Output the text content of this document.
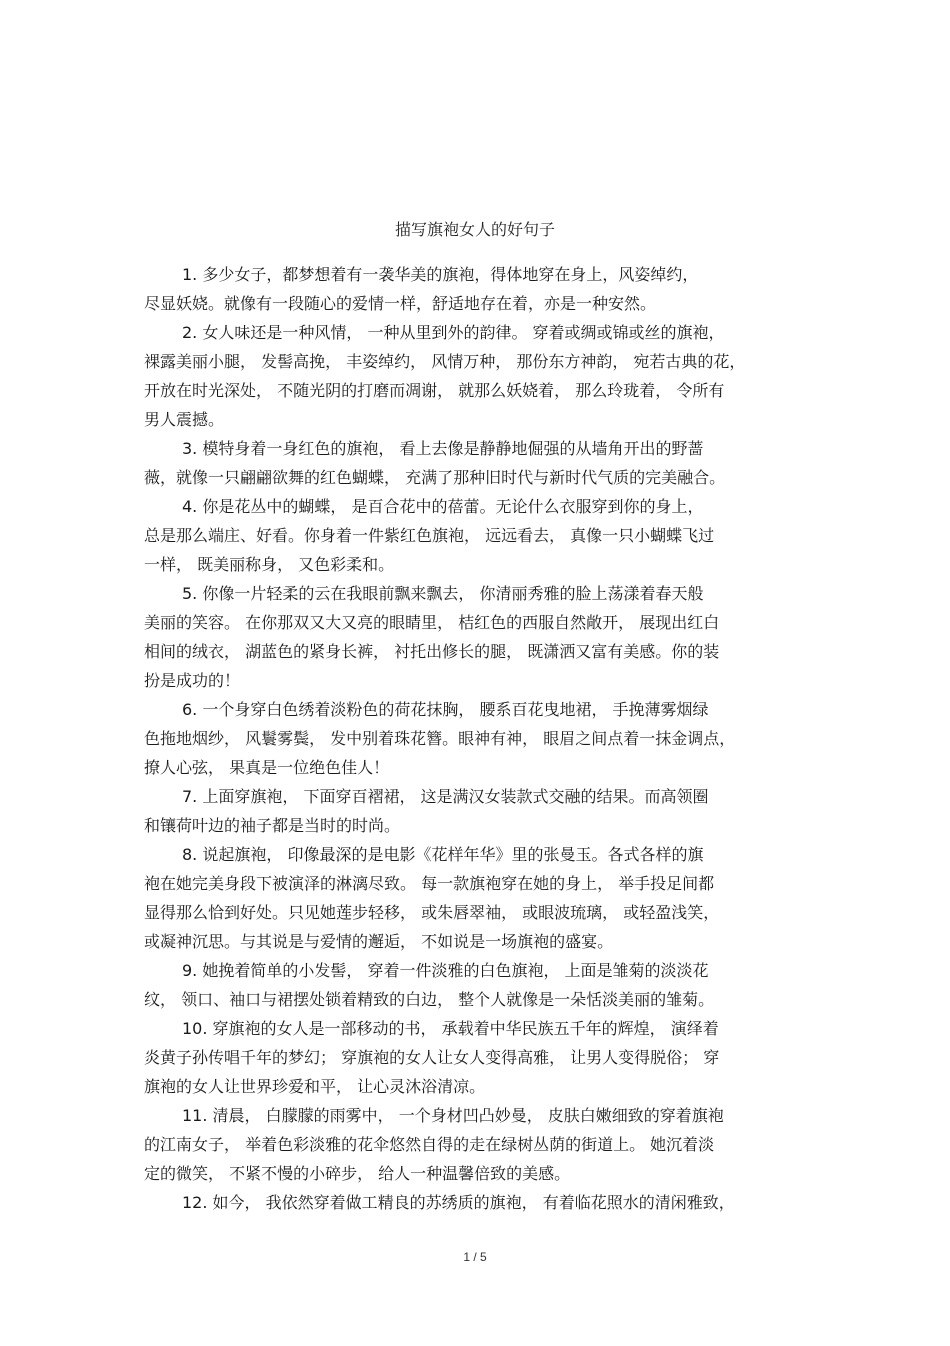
描写旗袍女人的好句子
1. 多少女子，都梦想着有一袭华美的旗袍，得体地穿在身上，风姿绰约，
尽显妖娆。就像有一段随心的爱情一样，舒适地存在着，亦是一种安然。
2. 女人味还是一种风情， 一种从里到外的韵律。 穿着或绸或锦或丝的旗袍，
裸露美丽小腿， 发髻高挽， 丰姿绰约， 风情万种， 那份东方神韵， 宛若古典的花，
开放在时光深处， 不随光阴的打磨而凋谢， 就那么妖娆着， 那么玲珑着， 令所有
男人震撼。
3. 模特身着一身红色的旗袍， 看上去像是静静地倔强的从墙角开出的野蔷
薇，就像一只翩翩欲舞的红色蝴蝶， 充满了那种旧时代与新时代气质的完美融合。
4. 你是花丛中的蝴蝶， 是百合花中的蓓蕾。无论什么衣服穿到你的身上，
总是那么端庄、好看。你身着一件紫红色旗袍， 远远看去， 真像一只小蝴蝶飞过
一样， 既美丽称身， 又色彩柔和。
5. 你像一片轻柔的云在我眼前飘来飘去， 你清丽秀雅的脸上荡漾着春天般
美丽的笑容。 在你那双又大又亮的眼睛里， 桔红色的西服自然敞开， 展现出红白
相间的绒衣， 湖蓝色的紧身长裤， 衬托出修长的腿， 既潇洒又富有美感。你的装
扮是成功的！
6. 一个身穿白色绣着淡粉色的荷花抹胸， 腰系百花曳地裙， 手挽薄雾烟绿
色拖地烟纱， 风鬟雾鬓， 发中别着珠花簪。眼神有神， 眼眉之间点着一抹金调点，
撩人心弦， 果真是一位绝色佳人！
7. 上面穿旗袍， 下面穿百褶裙， 这是满汉女装款式交融的结果。而高领圈
和镶荷叶边的袖子都是当时的时尚。
8. 说起旗袍， 印像最深的是电影《花样年华》里的张曼玉。各式各样的旗
袍在她完美身段下被演泽的淋漓尽致。 每一款旗袍穿在她的身上， 举手投足间都
显得那么恰到好处。只见她莲步轻移， 或朱唇翠袖， 或眼波琉璃， 或轻盈浅笑，
或凝神沉思。与其说是与爱情的邂逅， 不如说是一场旗袍的盛宴。
9. 她挽着简单的小发髻， 穿着一件淡雅的白色旗袍， 上面是雏菊的淡淡花
纹， 领口、袖口与裙摆处锁着精致的白边， 整个人就像是一朵恬淡美丽的雏菊。
10. 穿旗袍的女人是一部移动的书， 承载着中华民族五千年的辉煌， 演绎着
炎黄子孙传唱千年的梦幻； 穿旗袍的女人让女人变得高雅， 让男人变得脱俗； 穿
旗袍的女人让世界珍爱和平， 让心灵沐浴清凉。
11. 清晨， 白朦朦的雨雾中， 一个身材凹凸妙曼， 皮肤白嫩细致的穿着旗袍
的江南女子， 举着色彩淡雅的花伞悠然自得的走在绿树丛荫的街道上。 她沉着淡
定的微笑， 不紧不慢的小碎步， 给人一种温馨倍致的美感。
12. 如今， 我依然穿着做工精良的苏绣质的旗袍， 有着临花照水的清闲雅致，
1 / 5
